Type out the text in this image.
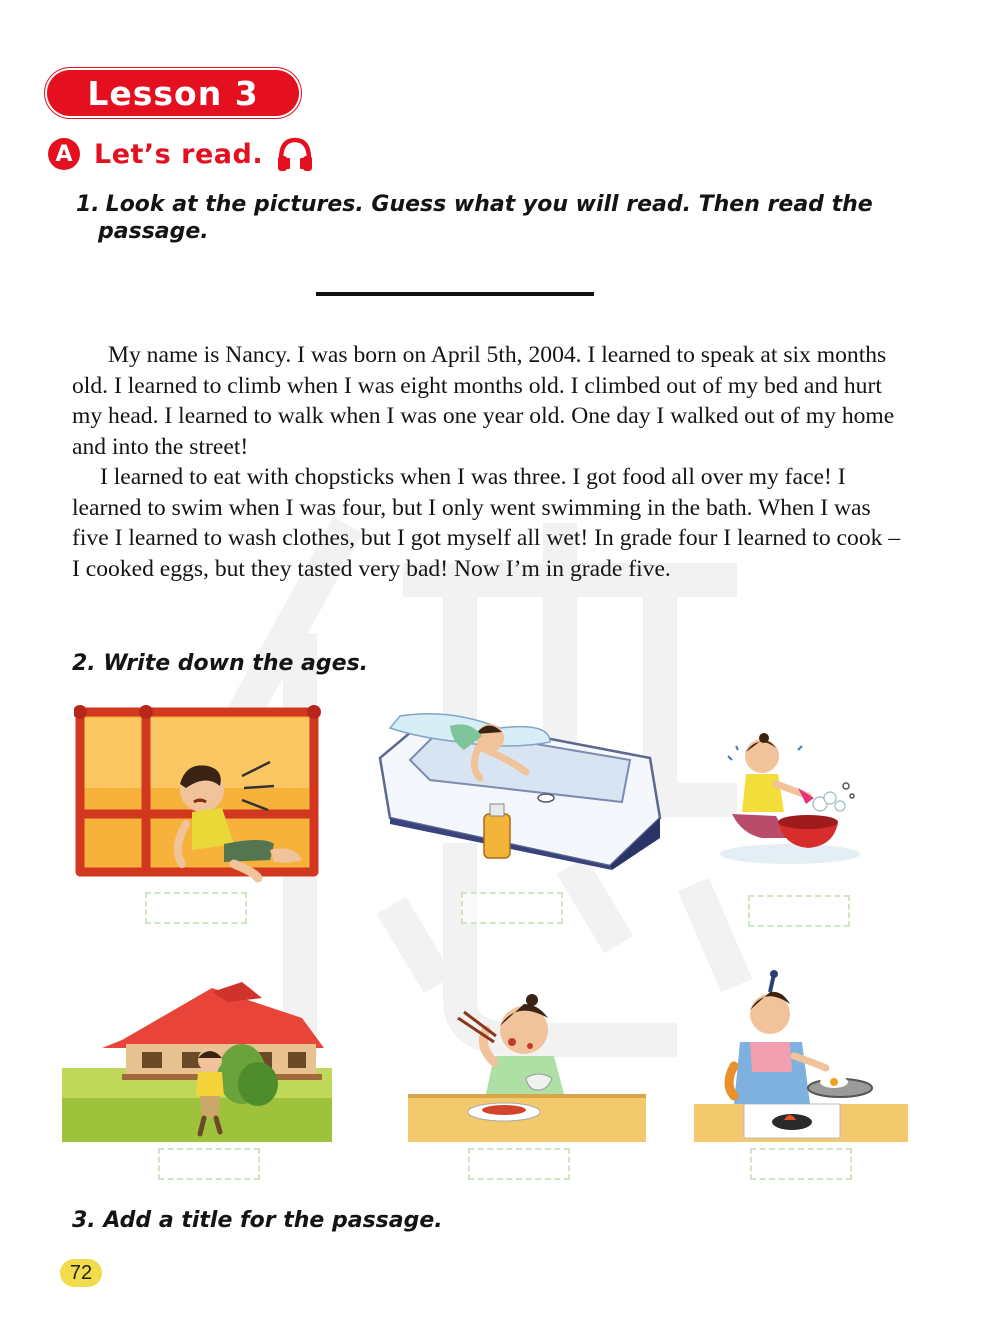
Lesson 3
A Let’s read.
1. Look at the pictures. Guess what you will read. Then read the
passage.

My name is Nancy. I was born on April 5th, 2004. I learned to speak at six months old. I learned to climb when I was eight months old. I climbed out of my bed and hurt my head. I learned to walk when I was one year old. One day I walked out of my home and into the street!

I learned to eat with chopsticks when I was three. I got food all over my face! I learned to swim when I was four, but I only went swimming in the bath. When I was five I learned to wash clothes, but I got myself all wet! In grade four I learned to cook – I cooked eggs, but they tasted very bad! Now I’m in grade five.

2. Write down the ages.
3. Add a title for the passage.
72
